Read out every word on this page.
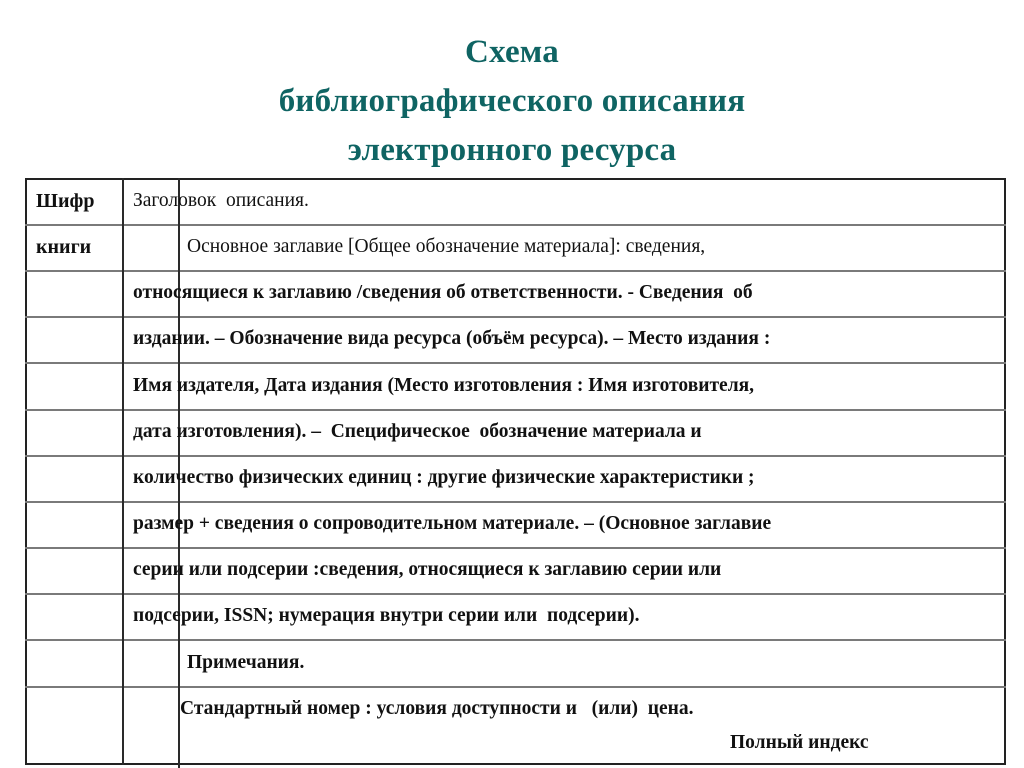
Схема
библиографического описания
электронного ресурса
Шифр
книги
Заголовок  описания.
Основное заглавие [Общее обозначение материала]: сведения,
относящиеся к заглавию /сведения об ответственности. - Сведения  об
издании. – Обозначение вида ресурса (объём ресурса). – Место издания :
Имя издателя, Дата издания (Место изготовления : Имя изготовителя,
дата изготовления). –  Специфическое  обозначение материала и
количество физических единиц : другие физические характеристики ;
размер + сведения о сопроводительном материале. – (Основное заглавие
серии или подсерии :сведения, относящиеся к заглавию серии или
подсерии, ISSN; нумерация внутри серии или  подсерии).
Примечания.
Стандартный номер : условия доступности и   (или)  цена.
Полный индекс
